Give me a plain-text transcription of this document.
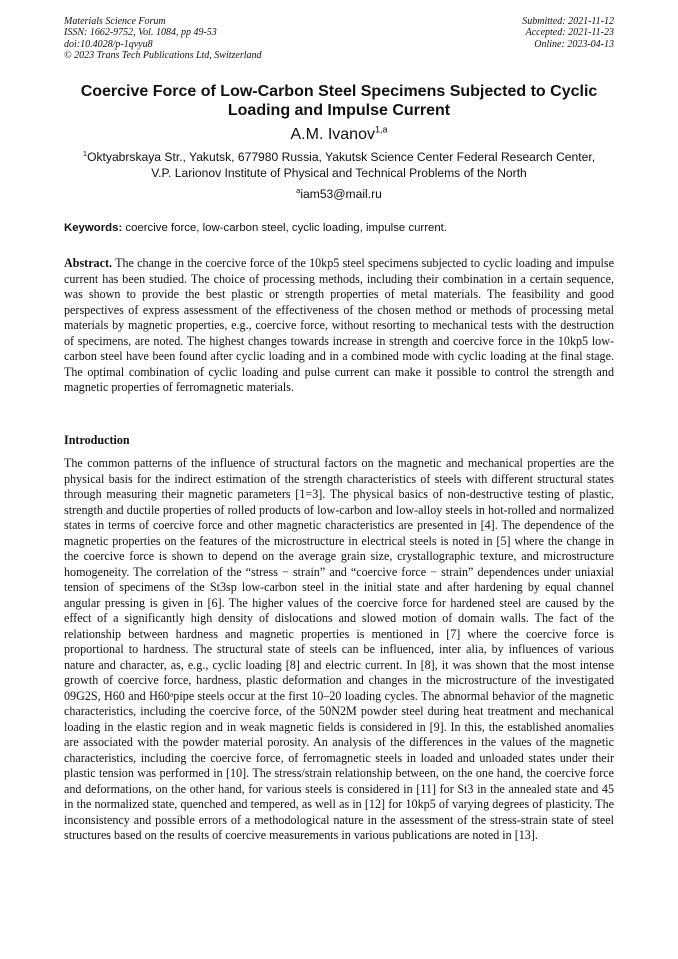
Materials Science Forum
ISSN: 1662-9752, Vol. 1084, pp 49-53
doi:10.4028/p-1qvyu8
© 2023 Trans Tech Publications Ltd, Switzerland
Submitted: 2021-11-12
Accepted: 2021-11-23
Online: 2023-04-13
Coercive Force of Low-Carbon Steel Specimens Subjected to Cyclic
Loading and Impulse Current
A.M. Ivanov$^{1,a}$
$^1$Oktyabrskaya Str., Yakutsk, 677980 Russia, Yakutsk Science Center Federal Research Center,
V.P. Larionov Institute of Physical and Technical Problems of the North
$^a$iam53@mail.ru
Keywords: coercive force, low-carbon steel, cyclic loading, impulse current.
Abstract. The change in the coercive force of the 10kp5 steel specimens subjected to cyclic loading and impulse current has been studied. The choice of processing methods, including their combination in a certain sequence, was shown to provide the best plastic or strength properties of metal materials. The feasibility and good perspectives of express assessment of the effectiveness of the chosen method or methods of processing metal materials by magnetic properties, e.g., coercive force, without resorting to mechanical tests with the destruction of specimens, are noted. The highest changes towards increase in strength and coercive force in the 10kp5 low-carbon steel have been found after cyclic loading and in a combined mode with cyclic loading at the final stage. The optimal combination of cyclic loading and pulse current can make it possible to control the strength and magnetic properties of ferromagnetic materials.
Introduction
The common patterns of the influence of structural factors on the magnetic and mechanical properties are the physical basis for the indirect estimation of the strength characteristics of steels with different structural states through measuring their magnetic parameters [1=3]. The physical basics of non-destructive testing of plastic, strength and ductile properties of rolled products of low-carbon and low-alloy steels in hot-rolled and normalized states in terms of coercive force and other magnetic characteristics are presented in [4]. The dependence of the magnetic properties on the features of the microstructure in electrical steels is noted in [5] where the change in the coercive force is shown to depend on the average grain size, crystallographic texture, and microstructure homogeneity. The correlation of the “stress − strain” and “coercive force − strain” dependences under uniaxial tension of specimens of the St3sp low-carbon steel in the initial state and after hardening by equal channel angular pressing is given in [6]. The higher values of the coercive force for hardened steel are caused by the effect of a significantly high density of dislocations and slowed motion of domain walls. The fact of the relationship between hardness and magnetic properties is mentioned in [7] where the coercive force is proportional to hardness. The structural state of steels can be influenced, inter alia, by influences of various nature and character, as, e.g., cyclic loading [8] and electric current. In [8], it was shown that the most intense growth of coercive force, hardness, plastic deformation and changes in the microstructure of the investigated 09G2S, H60 and H60ᵃpipe steels occur at the first 10–20 loading cycles. The abnormal behavior of the magnetic characteristics, including the coercive force, of the 50N2M powder steel during heat treatment and mechanical loading in the elastic region and in weak magnetic fields is considered in [9]. In this, the established anomalies are associated with the powder material porosity. An analysis of the differences in the values of the magnetic characteristics, including the coercive force, of ferromagnetic steels in loaded and unloaded states under their plastic tension was performed in [10]. The stress/strain relationship between, on the one hand, the coercive force and deformations, on the other hand, for various steels is considered in [11] for St3 in the annealed state and 45 in the normalized state, quenched and tempered, as well as in [12] for 10kp5 of varying degrees of plasticity. The inconsistency and possible errors of a methodological nature in the assessment of the stress-strain state of steel structures based on the results of coercive measurements in various publications are noted in [13].
